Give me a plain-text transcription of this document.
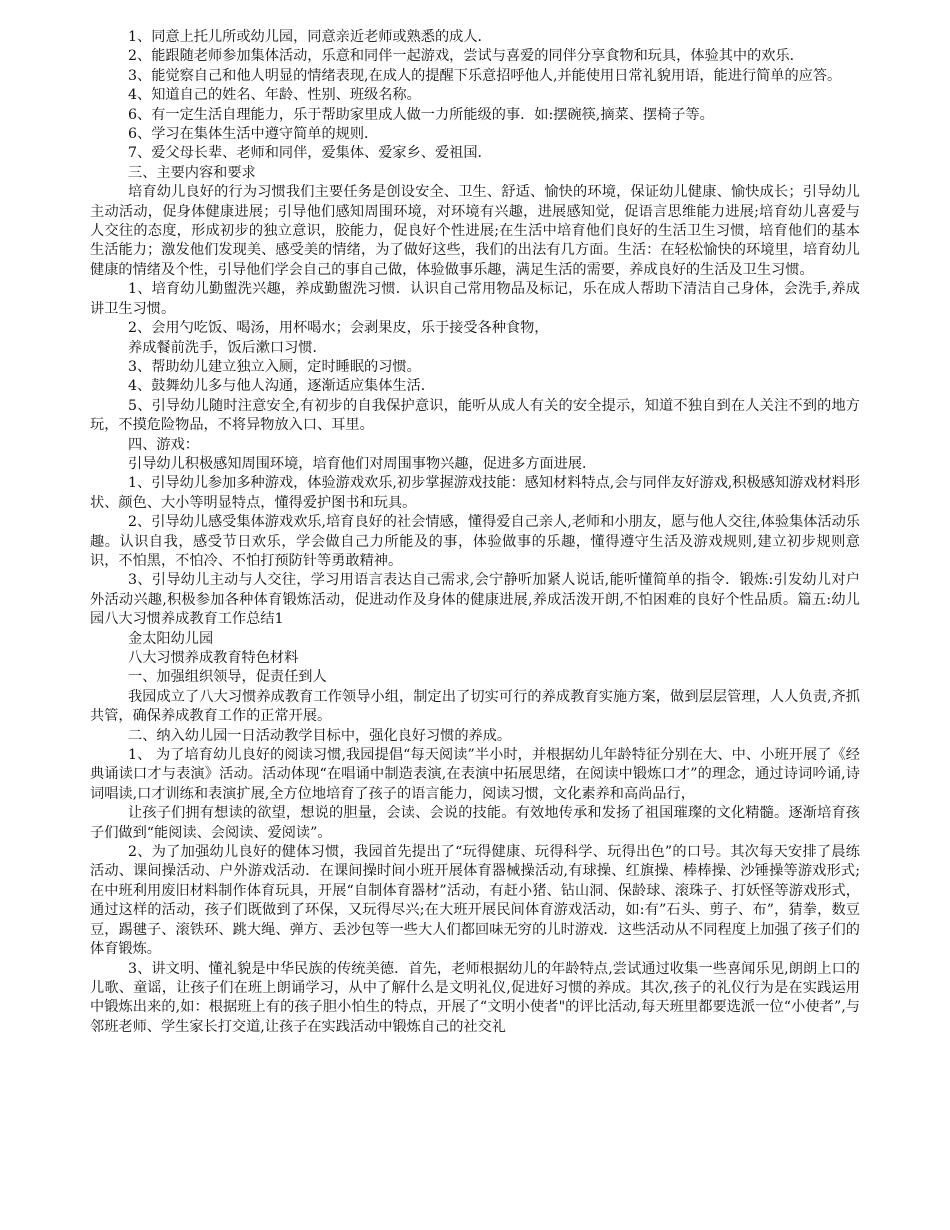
1、同意上托儿所或幼儿园，同意亲近老师或熟悉的成人．

2、能跟随老师参加集体活动，乐意和同伴一起游戏，尝试与喜爱的同伴分享食物和玩具，体验其中的欢乐．

3、能觉察自己和他人明显的情绪表现,在成人的提醒下乐意招呼他人,并能使用日常礼貌用语，能进行简单的应答。

4、知道自己的姓名、年龄、性别、班级名称。

6、有一定生活自理能力，乐于帮助家里成人做一力所能级的事．如:摆碗筷,摘菜、摆椅子等。

6、学习在集体生活中遵守简单的规则．

7、爱父母长辈、老师和同伴，爱集体、爱家乡、爱祖国．

三、主要内容和要求

培育幼儿良好的行为习惯我们主要任务是创设安全、卫生、舒适、愉快的环境，保证幼儿健康、愉快成长；引导幼儿主动活动，促身体健康进展；引导他们感知周围环境，对环境有兴趣，进展感知觉，促语言思维能力进展;培育幼儿喜爱与人交往的态度，形成初步的独立意识，胶能力，促良好个性进展;在生活中培育他们良好的生活卫生习惯，培育他们的基本生活能力；激发他们发现美、感受美的情绪，为了做好这些，我们的出法有几方面。生活：在轻松愉快的环境里，培育幼儿健康的情绪及个性，引导他们学会自己的事自己做，体验做事乐趣，满足生活的需要，养成良好的生活及卫生习惯。

1、培育幼儿勤盥洗兴趣，养成勤盥洗习惯．认识自己常用物品及标记，乐在成人帮助下清洁自己身体，会洗手,养成讲卫生习惯。

2、会用勺吃饭、喝汤，用杯喝水；会剥果皮，乐于接受各种食物，

养成餐前洗手，饭后漱口习惯．

3、帮助幼儿建立独立入厕，定时睡眠的习惯。

4、鼓舞幼儿多与他人沟通，逐渐适应集体生活．

5、引导幼儿随时注意安全,有初步的自我保护意识，能听从成人有关的安全提示，知道不独自到在人关注不到的地方玩，不摸危险物品，不将异物放入口、耳里。

四、游戏：

引导幼儿积极感知周围环境，培育他们对周围事物兴趣，促进多方面进展．

1、引导幼儿参加多种游戏，体验游戏欢乐,初步掌握游戏技能：感知材料特点,会与同伴友好游戏,积极感知游戏材料形状、颜色、大小等明显特点，懂得爱护图书和玩具。

2、引导幼儿感受集体游戏欢乐,培育良好的社会情感，懂得爱自己亲人,老师和小朋友，愿与他人交往,体验集体活动乐趣。认识自我，感受节日欢乐，学会做自己力所能及的事，体验做事的乐趣，懂得遵守生活及游戏规则,建立初步规则意识，不怕黑，不怕冷、不怕打预防针等勇敢精神。

3、引导幼儿主动与人交往，学习用语言表达自己需求,会宁静听加紧人说话,能听懂简单的指令．锻炼:引发幼儿对户外活动兴趣,积极参加各种体育锻炼活动，促进动作及身体的健康进展,养成活泼开朗,不怕困难的良好个性品质。篇五:幼儿园八大习惯养成教育工作总结1

金太阳幼儿园

八大习惯养成教育特色材料

一、加强组织领导，促责任到人

我园成立了八大习惯养成教育工作领导小组，制定出了切实可行的养成教育实施方案，做到层层管理，人人负责,齐抓共管，确保养成教育工作的正常开展。

二、纳入幼儿园一日活动教学目标中，强化良好习惯的养成。

1、 为了培育幼儿良好的阅读习惯,我园提倡“每天阅读”半小时，并根据幼儿年龄特征分别在大、中、小班开展了《经典诵读口才与表演》活动。活动体现“在唱诵中制造表演,在表演中拓展思绪，在阅读中锻炼口才”的理念，通过诗词吟诵,诗词唱读,口才训练和表演扩展,全方位地培育了孩子的语言能力，阅读习惯，文化素养和高尚品行，

让孩子们拥有想读的欲望，想说的胆量，会读、会说的技能。有效地传承和发扬了祖国璀璨的文化精髓。逐渐培育孩子们做到“能阅读、会阅读、爱阅读”。

2、为了加强幼儿良好的健体习惯，我园首先提出了“玩得健康、玩得科学、玩得出色”的口号。其次每天安排了晨练活动、课间操活动、户外游戏活动．在课间操时间小班开展体育器械操活动,有球操、红旗操、棒棒操、沙锤操等游戏形式;在中班利用废旧材料制作体育玩具，开展“自制体育器材”活动，有赶小猪、钻山洞、保龄球、滚珠子、打妖怪等游戏形式，通过这样的活动，孩子们既做到了环保，又玩得尽兴;在大班开展民间体育游戏活动，如:有”石头、剪子、布”，猜拳，数豆豆，踢毽子、滚铁环、跳大绳、弹方、丢沙包等一些大人们都回味无穷的儿时游戏．这些活动从不同程度上加强了孩子们的体育锻炼。

3、讲文明、懂礼貌是中华民族的传统美德．首先，老师根据幼儿的年龄特点,尝试通过收集一些喜闻乐见,朗朗上口的儿歌、童谣，让孩子们在班上朗诵学习，从中了解什么是文明礼仪,促进好习惯的养成。其次,孩子的礼仪行为是在实践运用中锻炼出来的,如：根据班上有的孩子胆小怕生的特点，开展了“文明小使者"的评比活动,每天班里都要选派一位“小使者”,与邻班老师、学生家长打交道,让孩子在实践活动中锻炼自己的社交礼
